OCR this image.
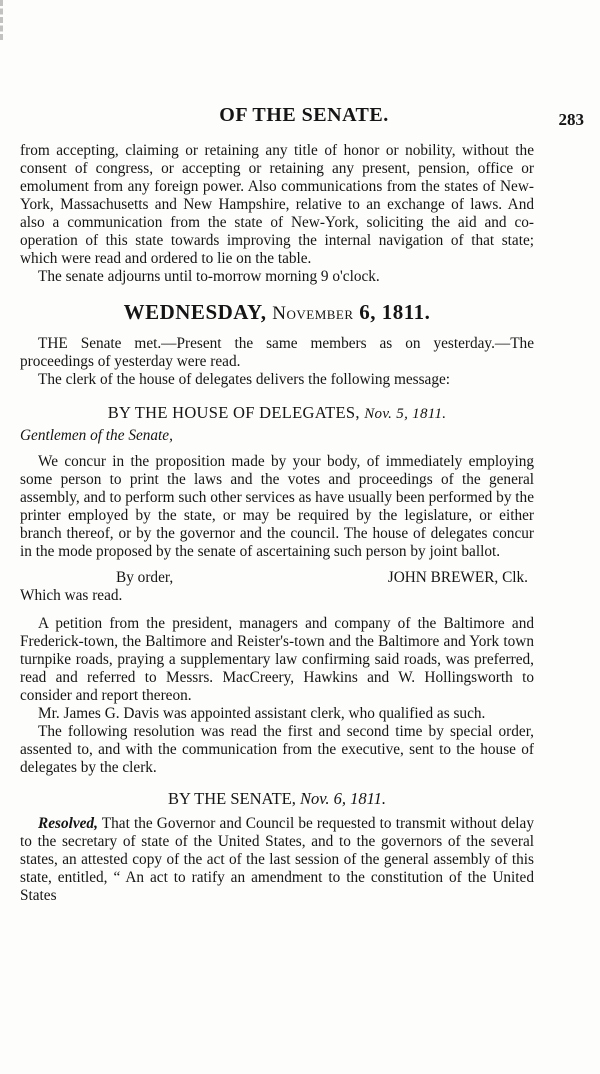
OF THE SENATE.	283

from accepting, claiming or retaining any title of honor or nobility, without the consent of congress, or accepting or retaining any present, pension, office or emolument from any foreign power. Also communications from the states of New-York, Massachusetts and New Hampshire, relative to an exchange of laws. And also a communication from the state of New-York, soliciting the aid and co-operation of this state towards improving the internal navigation of that state; which were read and ordered to lie on the table.

The senate adjourns until to-morrow morning 9 o'clock.

WEDNESDAY, November 6, 1811.

THE Senate met.—Present the same members as on yesterday.—The proceedings of yesterday were read.

The clerk of the house of delegates delivers the following message:

BY THE HOUSE OF DELEGATES, Nov. 5, 1811.
Gentlemen of the Senate,

We concur in the proposition made by your body, of immediately employing some person to print the laws and the votes and proceedings of the general assembly, and to perform such other services as have usually been performed by the printer employed by the state, or may be required by the legislature, or either branch thereof, or by the governor and the council. The house of delegates concur in the mode proposed by the senate of ascertaining such person by joint ballot.

By order,	JOHN BREWER, Clk.

Which was read.

A petition from the president, managers and company of the Baltimore and Frederick-town, the Baltimore and Reister's-town and the Baltimore and York town turnpike roads, praying a supplementary law confirming said roads, was preferred, read and referred to Messrs. MacCreery, Hawkins and W. Hollingsworth to consider and report thereon.

Mr. James G. Davis was appointed assistant clerk, who qualified as such.

The following resolution was read the first and second time by special order, assented to, and with the communication from the executive, sent to the house of delegates by the clerk.

BY THE SENATE, Nov. 6, 1811.

Resolved, That the Governor and Council be requested to transmit without delay to the secretary of state of the United States, and to the governors of the several states, an attested copy of the act of the last session of the general assembly of this state, entitled, “ An act to ratify an amendment to the constitution of the United States
